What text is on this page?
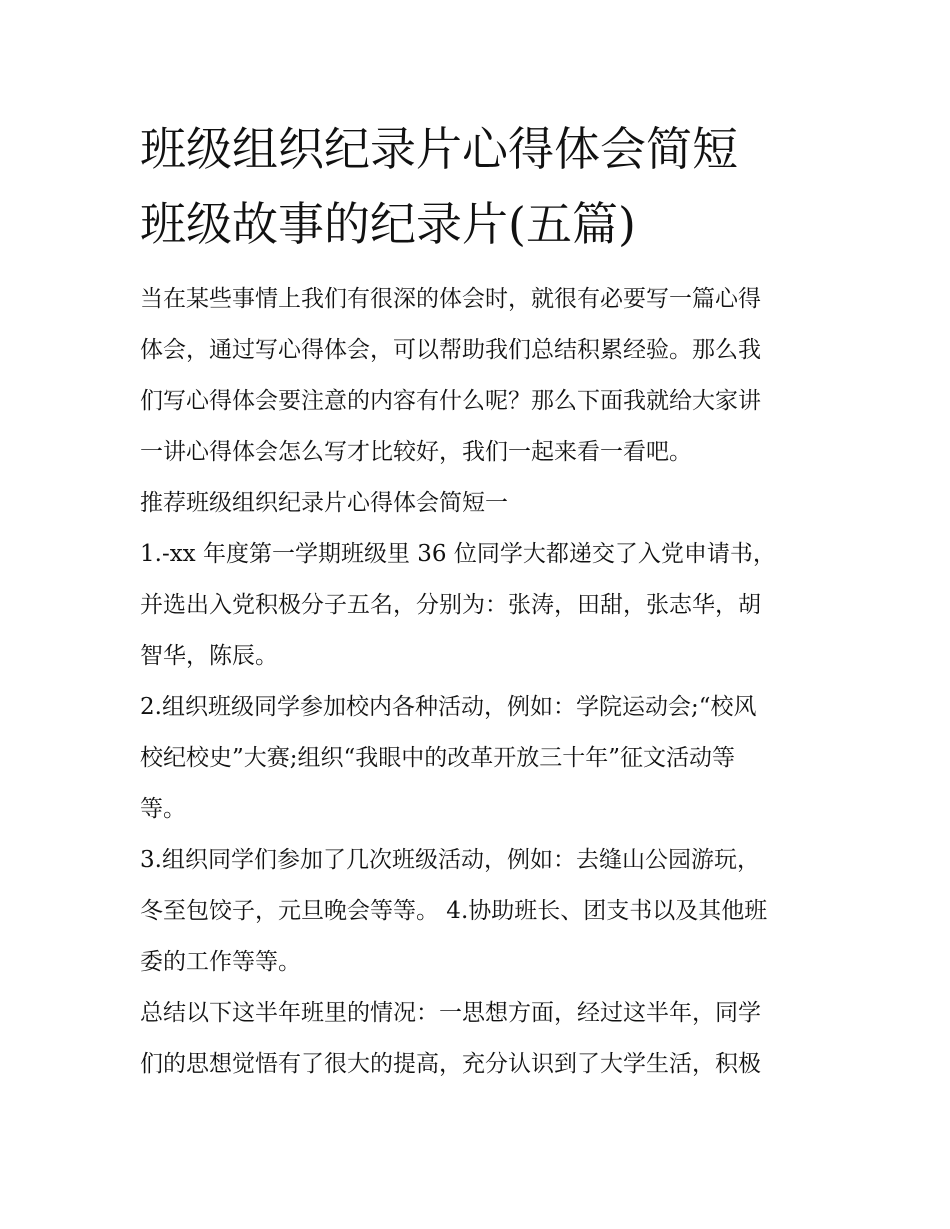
班级组织纪录片心得体会简短
班级故事的纪录片(五篇)

当在某些事情上我们有很深的体会时，就很有必要写一篇心得
体会，通过写心得体会，可以帮助我们总结积累经验。那么我
们写心得体会要注意的内容有什么呢？那么下面我就给大家讲
一讲心得体会怎么写才比较好，我们一起来看一看吧。

推荐班级组织纪录片心得体会简短一

1.-xx 年度第一学期班级里 36 位同学大都递交了入党申请书，
并选出入党积极分子五名，分别为：张涛，田甜，张志华，胡
智华，陈辰。

2.组织班级同学参加校内各种活动，例如：学院运动会;“校风
校纪校史”大赛;组织“我眼中的改革开放三十年”征文活动等
等。

3.组织同学们参加了几次班级活动，例如：去缝山公园游玩，
冬至包饺子，元旦晚会等等。 4.协助班长、团支书以及其他班
委的工作等等。

总结以下这半年班里的情况：一思想方面，经过这半年，同学
们的思想觉悟有了很大的提高，充分认识到了大学生活，积极
